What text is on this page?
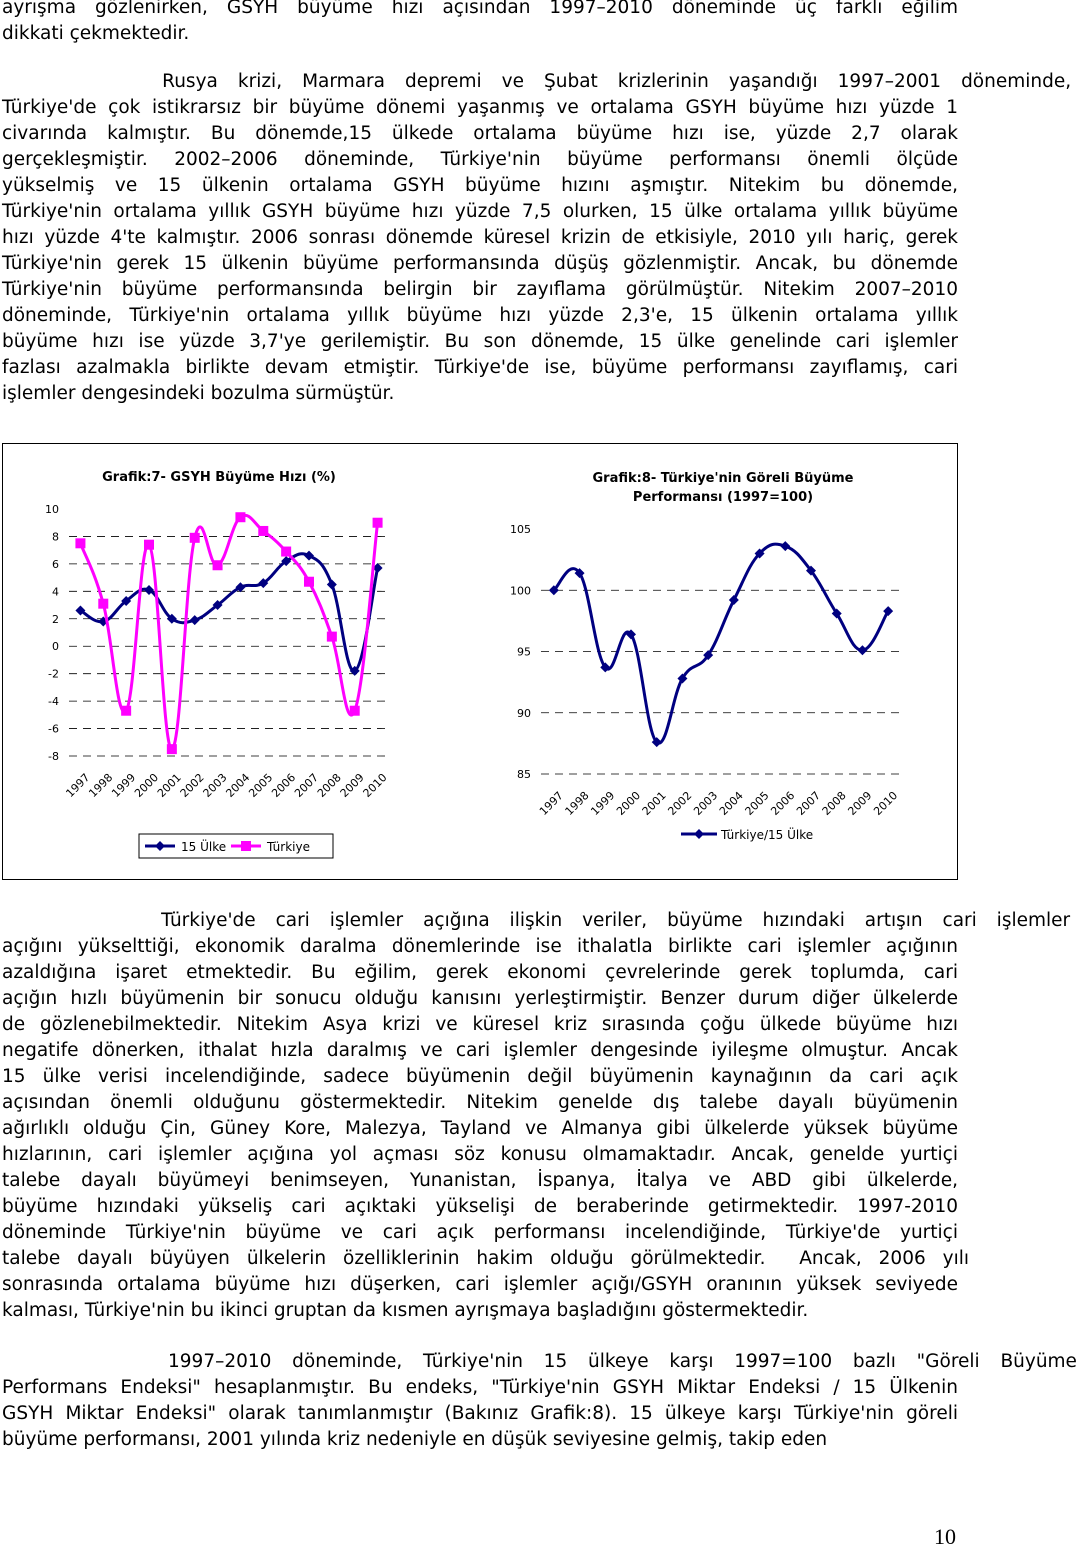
ayrışma gözlenirken, GSYH büyüme hızı açısından 1997–2010 döneminde üç farklı eğilim
dikkati çekmektedir.
Rusya krizi, Marmara depremi ve Şubat krizlerinin yaşandığı 1997–2001 döneminde,
Türkiye'de çok istikrarsız bir büyüme dönemi yaşanmış ve ortalama GSYH büyüme hızı yüzde 1
civarında kalmıştır. Bu dönemde,15 ülkede ortalama büyüme hızı ise, yüzde 2,7 olarak
gerçekleşmiştir. 2002–2006 döneminde, Türkiye'nin büyüme performansı önemli ölçüde
yükselmiş ve 15 ülkenin ortalama GSYH büyüme hızını aşmıştır. Nitekim bu dönemde,
Türkiye'nin ortalama yıllık GSYH büyüme hızı yüzde 7,5 olurken, 15 ülke ortalama yıllık büyüme
hızı yüzde 4'te kalmıştır. 2006 sonrası dönemde küresel krizin de etkisiyle, 2010 yılı hariç, gerek
Türkiye'nin gerek 15 ülkenin büyüme performansında düşüş gözlenmiştir. Ancak, bu dönemde
Türkiye'nin büyüme performansında belirgin bir zayıflama görülmüştür. Nitekim 2007–2010
döneminde, Türkiye'nin ortalama yıllık büyüme hızı yüzde 2,3'e, 15 ülkenin ortalama yıllık
büyüme hızı ise yüzde 3,7'ye gerilemiştir. Bu son dönemde, 15 ülke genelinde cari işlemler
fazlası azalmakla birlikte devam etmiştir. Türkiye'de ise, büyüme performansı zayıflamış, cari
işlemler dengesindeki bozulma sürmüştür.
10
8
6
4
2
0
-2
-4
-6
-8
1997
1998
1999
2000
2001
2002
2003
2004
2005
2006
2007
2008
2009
2010
Grafik:7- GSYH Büyüme Hızı (%)
15 Ülke	Türkiye
105
100
95
90
85
1997
1998
1999
2000
2001
2002
2003
2004
2005
2006
2007
2008
2009
2010
Grafik:8- Türkiye'nin Göreli Büyüme
Performansı (1997=100)
Türkiye/15 Ülke
Türkiye'de cari işlemler açığına ilişkin veriler, büyüme hızındaki artışın cari işlemler
açığını yükselttiği, ekonomik daralma dönemlerinde ise ithalatla birlikte cari işlemler açığının
azaldığına işaret etmektedir. Bu eğilim, gerek ekonomi çevrelerinde gerek toplumda, cari
açığın hızlı büyümenin bir sonucu olduğu kanısını yerleştirmiştir. Benzer durum diğer ülkelerde
de gözlenebilmektedir. Nitekim Asya krizi ve küresel kriz sırasında çoğu ülkede büyüme hızı
negatife dönerken, ithalat hızla daralmış ve cari işlemler dengesinde iyileşme olmuştur. Ancak
15 ülke verisi incelendiğinde, sadece büyümenin değil büyümenin kaynağının da cari açık
açısından önemli olduğunu göstermektedir. Nitekim genelde dış talebe dayalı büyümenin
ağırlıklı olduğu Çin, Güney Kore, Malezya, Tayland ve Almanya gibi ülkelerde yüksek büyüme
hızlarının, cari işlemler açığına yol açması söz konusu olmamaktadır. Ancak, genelde yurtiçi
talebe dayalı büyümeyi benimseyen, Yunanistan, İspanya, İtalya ve ABD gibi ülkelerde,
büyüme hızındaki yükseliş cari açıktaki yükselişi de beraberinde getirmektedir. 1997-2010
döneminde Türkiye'nin büyüme ve cari açık performansı incelendiğinde, Türkiye'de yurtiçi
talebe dayalı büyüyen ülkelerin özelliklerinin hakim olduğu görülmektedir.  Ancak, 2006 yılı
sonrasında ortalama büyüme hızı düşerken, cari işlemler açığı/GSYH oranının yüksek seviyede
kalması, Türkiye'nin bu ikinci gruptan da kısmen ayrışmaya başladığını göstermektedir.
1997–2010 döneminde, Türkiye'nin 15 ülkeye karşı 1997=100 bazlı "Göreli Büyüme
Performans Endeksi" hesaplanmıştır. Bu endeks, "Türkiye'nin GSYH Miktar Endeksi / 15 Ülkenin
GSYH Miktar Endeksi" olarak tanımlanmıştır (Bakınız Grafik:8). 15 ülkeye karşı Türkiye'nin göreli
büyüme performansı, 2001 yılında kriz nedeniyle en düşük seviyesine gelmiş, takip eden
10
